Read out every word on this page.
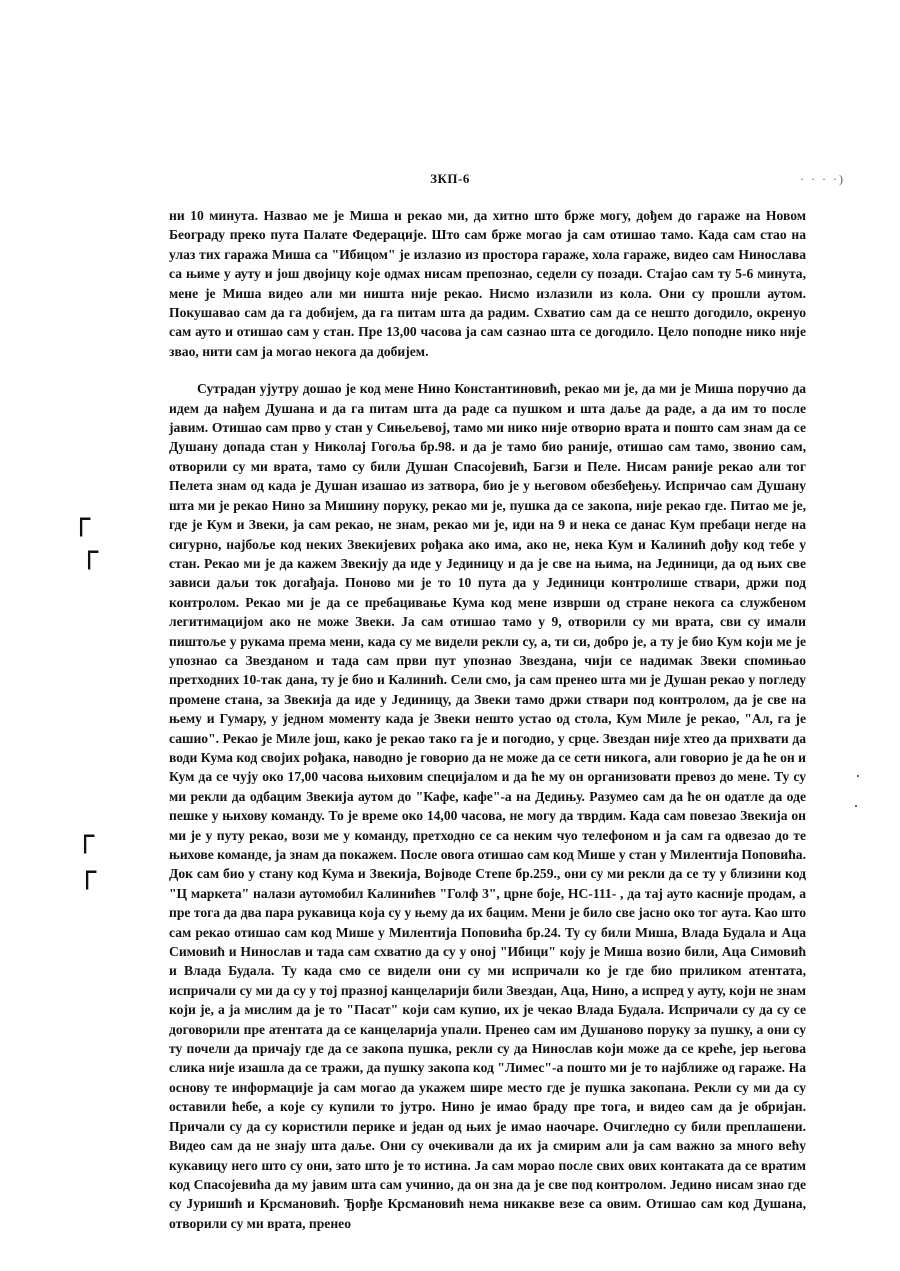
ЗКП-6	· · · ·)
┌
┌
┌
┌

ни 10 минута. Назвао ме је Миша и рекао ми, да хитно што брже могу, дођем до гараже на Новом Београду преко пута Палате Федерације. Што сам брже могао ја сам отишао тамо. Када сам стао на улаз тих гаража Миша са "Ибицом" је излазио из простора гараже, хола гараже, видео сам Нинослава са њиме у ауту и још двојицу које одмах нисам препознао, седели су позади. Стајао сам ту 5-6 минута, мене је Миша видео али ми ништа није рекао. Нисмо излазили из кола. Они су прошли аутом. Покушавао сам да га добијем, да га питам шта да радим. Схватио сам да се нешто догодило, окренуо сам ауто и отишао сам у стан. Пре 13,00 часова ја сам сазнао шта се догодило. Цело поподне нико није звао, нити сам ја могао некога да добијем.

Сутрадан ујутру дошао је код мене Нино Константиновић, рекао ми је, да ми је Миша поручио да идем да нађем Душана и да га питам шта да раде са пушком и шта даље да раде, а да им то после јавим. Отишао сам прво у стан у Сињељевој, тамо ми нико није отворио врата и пошто сам знам да се Душану допада стан у Николај Гогоља бр.98. и да је тамо био раније, отишао сам тамо, звонио сам, отворили су ми врата, тамо су били Душан Спасојевић, Багзи и Пеле. Нисам раније рекао али тог Пелета знам од када је Душан изашао из затвора, био је у његовом обезбеђењу. Испричао сам Душану шта ми је рекао Нино за Мишину поруку, рекао ми је, пушка да се закопа, није рекао где. Питао ме је, где је Кум и Звеки, ја сам рекао, не знам, рекао ми је, иди на 9 и нека се данас Кум пребаци негде на сигурно, најбоље код неких Звекијевих рођака ако има, ако не, нека Кум и Калинић дођу код тебе у стан. Рекао ми је да кажем Звекију да иде у Јединицу и да је све на њима, на Јединици, да од њих све зависи даљи ток догађаја. Поново ми је то 10 пута да у Јединици контролише ствари, држи под контролом. Рекао ми је да се пребацивање Кума код мене изврши од стране некога са службеном легитимацијом ако не може Звеки. Ја сам отишао тамо у 9, отворили су ми врата, сви су имали пиштоље у рукама према мени, када су ме видели рекли су, а, ти си, добро је, а ту је био Кум који ме је упознао са Звезданом и тада сам први пут упознао Звездана, чији се надимак Звеки спомињао претходних 10-так дана, ту је био и Калинић. Сели смо, ја сам пренео шта ми је Душан рекао у погледу промене стана, за Звекија да иде у Јединицу, да Звеки тамо држи ствари под контролом, да је све на њему и Гумару, у једном моменту када је Звеки нешто устао од стола, Кум Миле је рекао, "Ал, га је сашио". Рекао је Миле још, како је рекао тако га је и погодио, у срце. Звездан није хтео да прихвати да води Кума код својих рођака, наводно је говорио да не може да се сети никога, али говорио је да ће он и Кум да се чују око 17,00 часова њиховим специјалом и да ће му он организовати превоз до мене. Ту су ми рекли да одбацим Звекија аутом до "Кафе, кафе"-а на Дедињу. Разумео сам да ће он одатле да оде пешке у њихову команду. То је време око 14,00 часова, не могу да тврдим. Када сам повезао Звекија он ми је у путу рекао, вози ме у команду, претходно се са неким чуо телефоном и ја сам га одвезао до те њихове команде, ја знам да покажем. После овога отишао сам код Мише у стан у Милентија Поповића. Док сам био у стану код Кума и Звекија, Војводе Степе бр.259., они су ми рекли да се ту у близини код "Ц маркета" налази аутомобил Калинићев "Голф 3", црне боје, НС-111- , да тај ауто касније продам, а пре тога да два пара рукавица која су у њему да их бацим. Мени је било све јасно око тог аута. Као што сам рекао отишао сам код Мише у Милентија Поповића бр.24. Ту су били Миша, Влада Будала и Аца Симовић и Нинослав и тада сам схватио да су у оној "Ибици" коју је Миша возио били, Аца Симовић и Влада Будала. Ту када смо се видели они су ми испричали ко је где био приликом атентата, испричали су ми да су у тој празној канцеларији били Звездан, Аца, Нино, а испред у ауту, који не знам који је, а ја мислим да је то "Пасат" који сам купио, их је чекао Влада Будала. Испричали су да су се договорили пре атентата да се канцеларија упали. Пренео сам им Душаново поруку за пушку, а они су ту почели да причају где да се закопа пушка, рекли су да Нинослав који може да се креће, јер његова слика није изашла да се тражи, да пушку закопа код "Лимес"-а пошто ми је то најближе од гараже. На основу те информације ја сам могао да укажем шире место где је пушка закопана. Рекли су ми да су оставили ћебе, а које су купили то јутро. Нино је имао браду пре тога, и видео сам да је обријан. Причали су да су користили перике и један од њих је имао наочаре. Очигледно су били преплашени. Видео сам да не знају шта даље. Они су очекивали да их ја смирим али ја сам важно за много већу кукавицу него што су они, зато што је то истина. Ја сам морао после свих ових контаката да се вратим код Спасојевића да му јавим шта сам учинио, да он зна да је све под контролом. Једино нисам знао где су Јуришић и Крсмановић. Ђорђе Крсмановић нема никакве везе са овим. Отишао сам код Душана, отворили су ми врата, пренео
